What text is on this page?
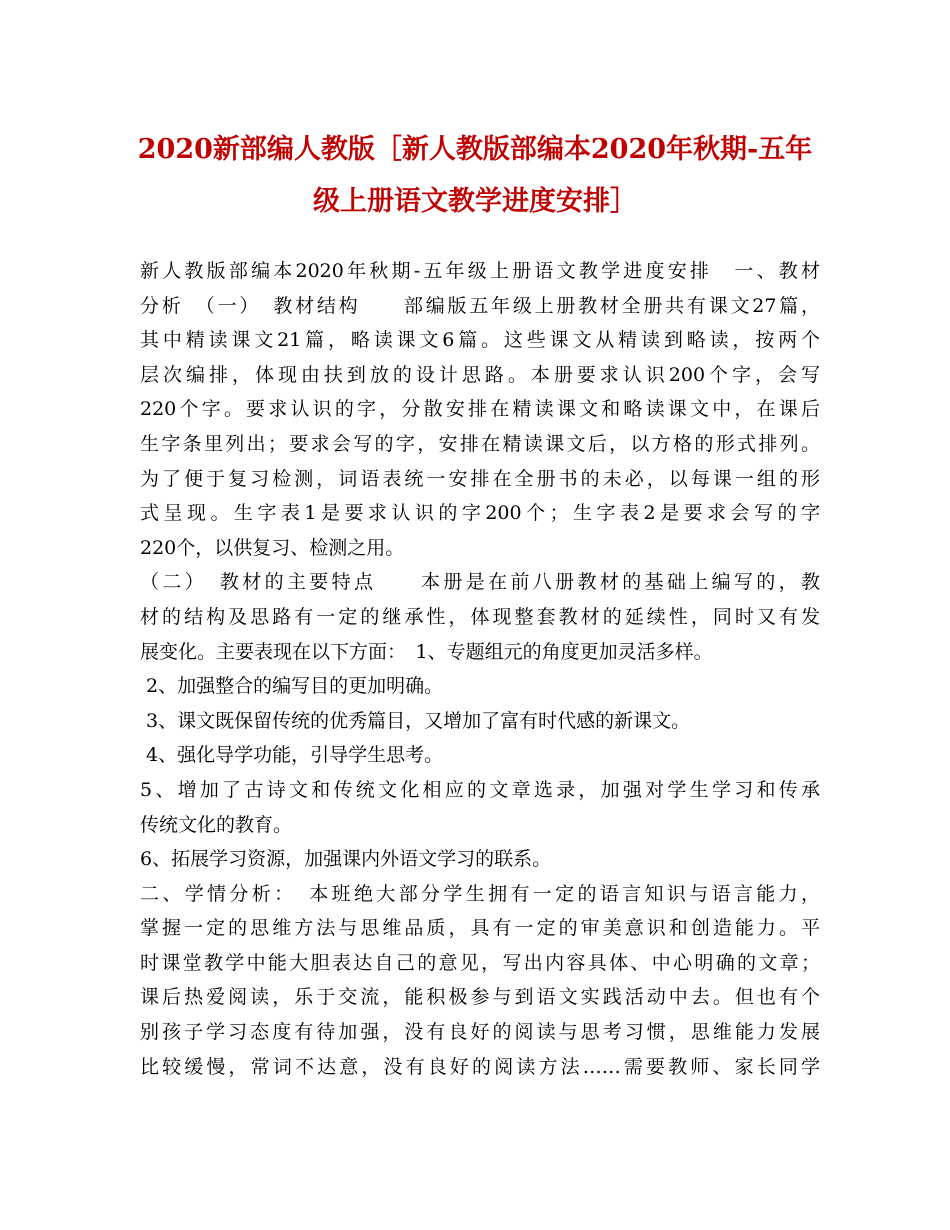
2020新部编人教版［新人教版部编本2020年秋期-五年
级上册语文教学进度安排］
新人教版部编本2020年秋期-五年级上册语文教学进度安排　一、教材
分析　（一）　教材结构　　部编版五年级上册教材全册共有课文27篇，
其中精读课文21篇，略读课文6篇。这些课文从精读到略读，按两个
层次编排，体现由扶到放的设计思路。本册要求认识200个字，会写
220个字。要求认识的字，分散安排在精读课文和略读课文中，在课后
生字条里列出；要求会写的字，安排在精读课文后，以方格的形式排列。
为了便于复习检测，词语表统一安排在全册书的未必，以每课一组的形
式呈现。生字表1是要求认识的字200个；生字表2是要求会写的字
220个，以供复习、检测之用。
（二）　教材的主要特点　　本册是在前八册教材的基础上编写的，教
材的结构及思路有一定的继承性，体现整套教材的延续性，同时又有发
展变化。主要表现在以下方面：　1、专题组元的角度更加灵活多样。
2、加强整合的编写目的更加明确。
3、课文既保留传统的优秀篇目，又增加了富有时代感的新课文。
4、强化导学功能，引导学生思考。
5、增加了古诗文和传统文化相应的文章选录，加强对学生学习和传承
传统文化的教育。
6、拓展学习资源，加强课内外语文学习的联系。
二、学情分析：　本班绝大部分学生拥有一定的语言知识与语言能力，
掌握一定的思维方法与思维品质，具有一定的审美意识和创造能力。平
时课堂教学中能大胆表达自己的意见，写出内容具体、中心明确的文章；
课后热爱阅读，乐于交流，能积极参与到语文实践活动中去。但也有个
别孩子学习态度有待加强，没有良好的阅读与思考习惯，思维能力发展
比较缓慢，常词不达意，没有良好的阅读方法……需要教师、家长同学
